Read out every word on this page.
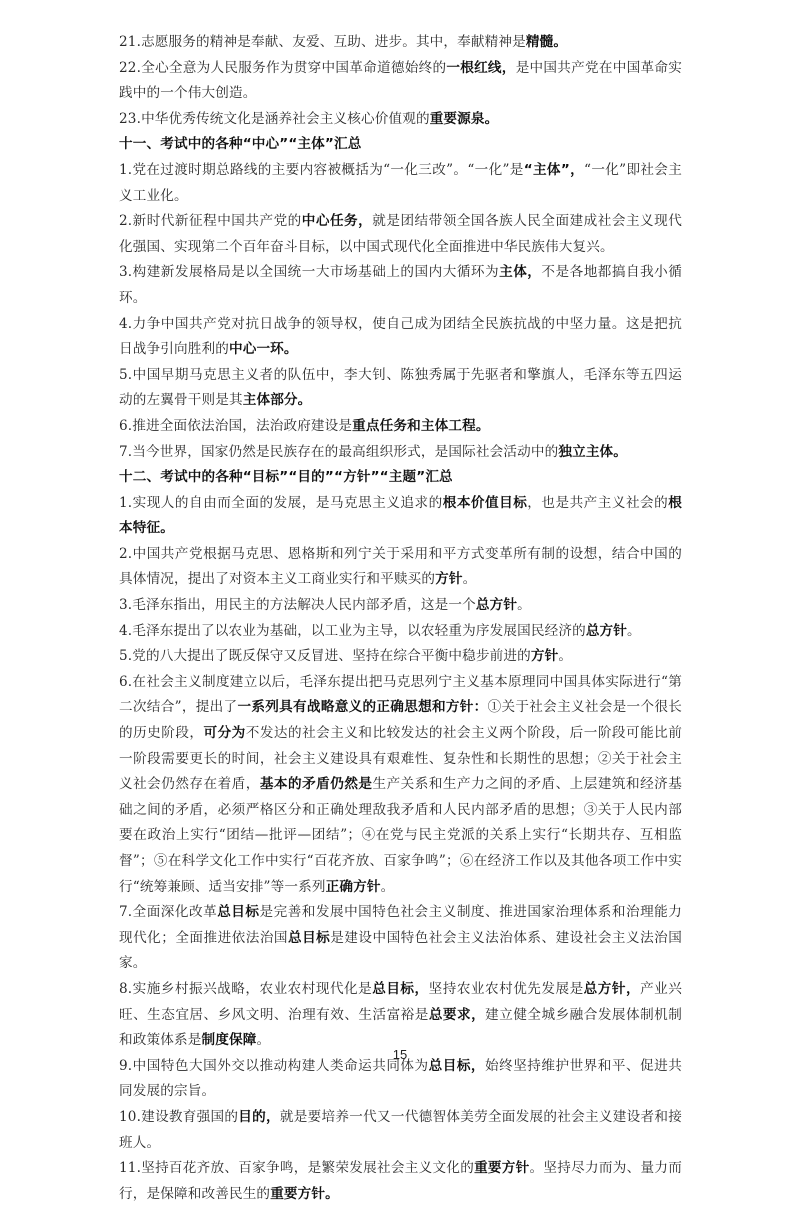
21.志愿服务的精神是奉献、友爱、互助、进步。其中，奉献精神是精髓。

22.全心全意为人民服务作为贯穿中国革命道德始终的一根红线，是中国共产党在中国革命实践中的一个伟大创造。

23.中华优秀传统文化是涵养社会主义核心价值观的重要源泉。

十一、考试中的各种“中心”“主体”汇总

1.党在过渡时期总路线的主要内容被概括为“一化三改”。“一化”是“主体”，“一化”即社会主义工业化。

2.新时代新征程中国共产党的中心任务，就是团结带领全国各族人民全面建成社会主义现代化强国、实现第二个百年奋斗目标，以中国式现代化全面推进中华民族伟大复兴。

3.构建新发展格局是以全国统一大市场基础上的国内大循环为主体，不是各地都搞自我小循环。

4.力争中国共产党对抗日战争的领导权，使自己成为团结全民族抗战的中坚力量。这是把抗日战争引向胜利的中心一环。

5.中国早期马克思主义者的队伍中，李大钊、陈独秀属于先驱者和擎旗人，毛泽东等五四运动的左翼骨干则是其主体部分。

6.推进全面依法治国，法治政府建设是重点任务和主体工程。

7.当今世界，国家仍然是民族存在的最高组织形式，是国际社会活动中的独立主体。

十二、考试中的各种“目标”“目的”“方针”“主题”汇总

1.实现人的自由而全面的发展，是马克思主义追求的根本价值目标，也是共产主义社会的根本特征。

2.中国共产党根据马克思、恩格斯和列宁关于采用和平方式变革所有制的设想，结合中国的具体情况，提出了对资本主义工商业实行和平赎买的方针。

3.毛泽东指出，用民主的方法解决人民内部矛盾，这是一个总方针。

4.毛泽东提出了以农业为基础，以工业为主导，以农轻重为序发展国民经济的总方针。

5.党的八大提出了既反保守又反冒进、坚持在综合平衡中稳步前进的方针。

6.在社会主义制度建立以后，毛泽东提出把马克思列宁主义基本原理同中国具体实际进行“第二次结合”，提出了一系列具有战略意义的正确思想和方针：①关于社会主义社会是一个很长的历史阶段，可分为不发达的社会主义和比较发达的社会主义两个阶段，后一阶段可能比前一阶段需要更长的时间，社会主义建设具有艰难性、复杂性和长期性的思想；②关于社会主义社会仍然存在着盾，基本的矛盾仍然是生产关系和生产力之间的矛盾、上层建筑和经济基础之间的矛盾，必须严格区分和正确处理敌我矛盾和人民内部矛盾的思想；③关于人民内部要在政治上实行“团结—批评—团结”；④在党与民主党派的关系上实行“长期共存、互相监督”；⑤在科学文化工作中实行“百花齐放、百家争鸣”；⑥在经济工作以及其他各项工作中实行“统筹兼顾、适当安排”等一系列正确方针。

7.全面深化改革总目标是完善和发展中国特色社会主义制度、推进国家治理体系和治理能力现代化；全面推进依法治国总目标是建设中国特色社会主义法治体系、建设社会主义法治国家。

8.实施乡村振兴战略，农业农村现代化是总目标，坚持农业农村优先发展是总方针，产业兴旺、生态宜居、乡风文明、治理有效、生活富裕是总要求，建立健全城乡融合发展体制机制和政策体系是制度保障。

9.中国特色大国外交以推动构建人类命运共同体为总目标，始终坚持维护世界和平、促进共同发展的宗旨。

10.建设教育强国的目的，就是要培养一代又一代德智体美劳全面发展的社会主义建设者和接班人。

11.坚持百花齐放、百家争鸣，是繁荣发展社会主义文化的重要方针。坚持尽力而为、量力而行，是保障和改善民生的重要方针。

15
